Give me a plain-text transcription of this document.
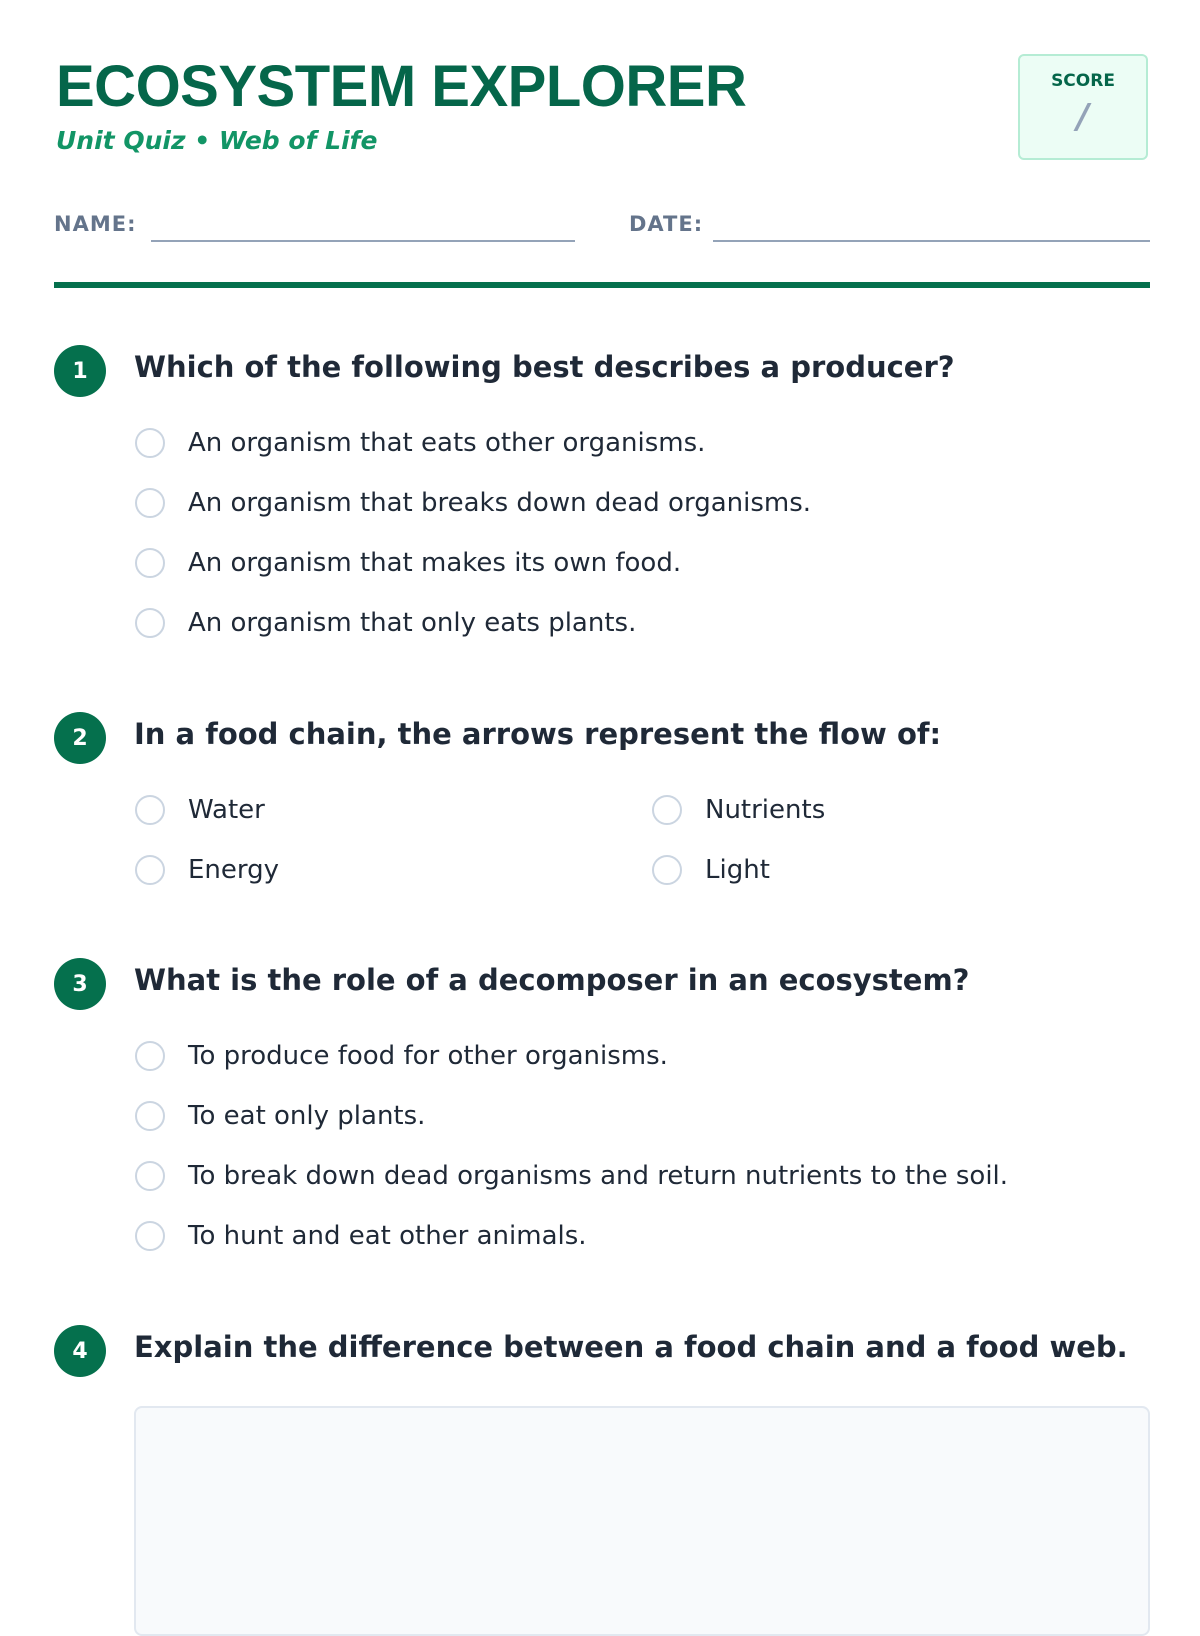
ECOSYSTEM EXPLORER
Unit Quiz • Web of Life
SCORE
/
NAME:	DATE:
1	Which of the following best describes a producer?
An organism that eats other organisms.
An organism that breaks down dead organisms.
An organism that makes its own food.
An organism that only eats plants.
2	In a food chain, the arrows represent the flow of:
Water	Nutrients
Energy	Light
3	What is the role of a decomposer in an ecosystem?
To produce food for other organisms.
To eat only plants.
To break down dead organisms and return nutrients to the soil.
To hunt and eat other animals.
4	Explain the difference between a food chain and a food web.
